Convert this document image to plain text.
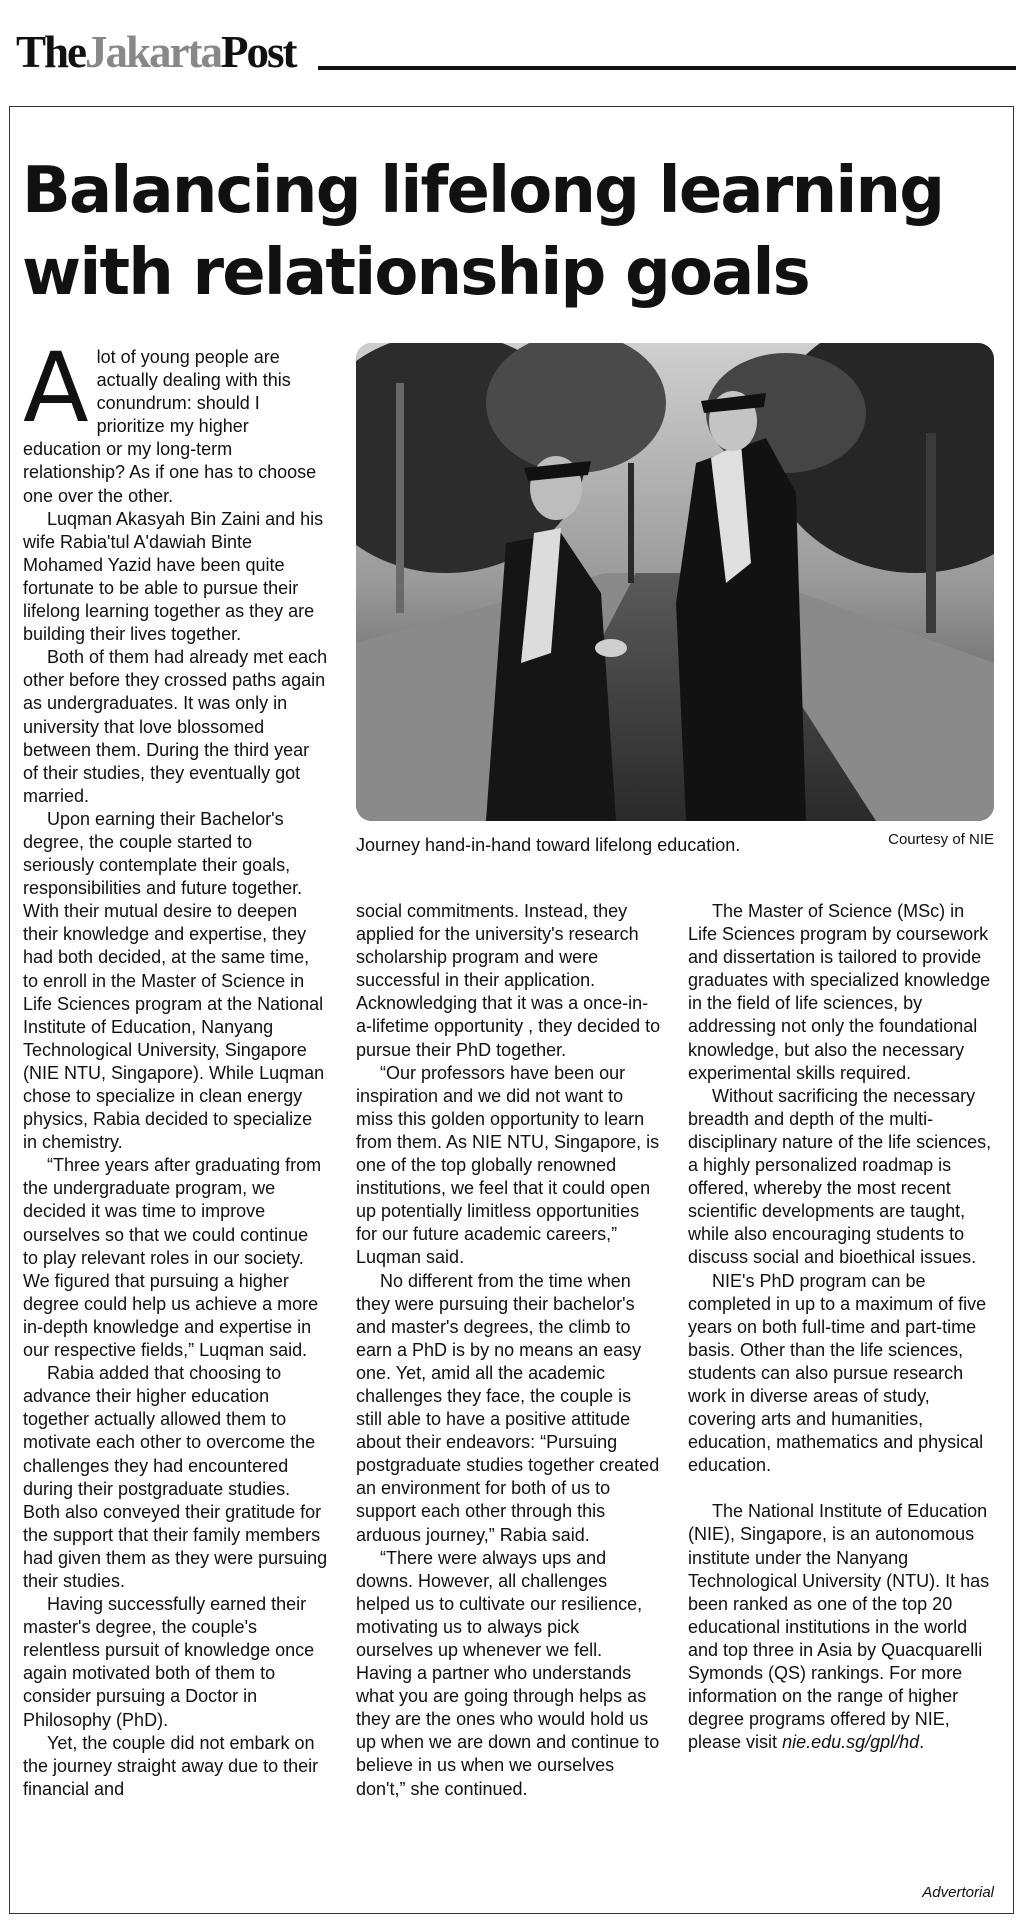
TheJakartaPost
Balancing lifelong learning
with relationship goals

Alot of young people are actually dealing with this conundrum: should I prioritize my higher education or my long-term relationship? As if one has to choose one over the other.

Luqman Akasyah Bin Zaini and his wife Rabia'tul A'dawiah Binte Mohamed Yazid have been quite fortunate to be able to pursue their lifelong learning together as they are building their lives together.

Both of them had already met each other before they crossed paths again as undergraduates. It was only in university that love blossomed between them. During the third year of their studies, they eventually got married.

Upon earning their Bachelor's degree, the couple started to seriously contemplate their goals, responsibilities and future together. With their mutual desire to deepen their knowledge and expertise, they had both decided, at the same time, to enroll in the Master of Science in Life Sciences program at the National Institute of Education, Nanyang Technological University, Singapore (NIE NTU, Singapore). While Luqman chose to specialize in clean energy physics, Rabia decided to specialize in chemistry.

“Three years after graduating from the undergraduate program, we decided it was time to improve ourselves so that we could continue to play relevant roles in our society. We figured that pursuing a higher degree could help us achieve a more in-depth knowledge and expertise in our respective fields,” Luqman said.

Rabia added that choosing to advance their higher education together actually allowed them to motivate each other to overcome the challenges they had encountered during their postgraduate studies. Both also conveyed their gratitude for the support that their family members had given them as they were pursuing their studies.

Having successfully earned their master's degree, the couple's relentless pursuit of knowledge once again motivated both of them to consider pursuing a Doctor in Philosophy (PhD).

Yet, the couple did not embark on the journey straight away due to their financial and

Journey hand-in-hand toward lifelong education.	Courtesy of NIE

social commitments. Instead, they applied for the university's research scholarship program and were successful in their application. Acknowledging that it was a once-in-a-lifetime opportunity , they decided to pursue their PhD together.

“Our professors have been our inspiration and we did not want to miss this golden opportunity to learn from them. As NIE NTU, Singapore, is one of the top globally renowned institutions, we feel that it could open up potentially limitless opportunities for our future academic careers,” Luqman said.

No different from the time when they were pursuing their bachelor's and master's degrees, the climb to earn a PhD is by no means an easy one. Yet, amid all the academic challenges they face, the couple is still able to have a positive attitude about their endeavors: “Pursuing postgraduate studies together created an environment for both of us to support each other through this arduous journey,” Rabia said.

“There were always ups and downs. However, all challenges helped us to cultivate our resilience, motivating us to always pick ourselves up whenever we fell. Having a partner who understands what you are going through helps as they are the ones who would hold us up when we are down and continue to believe in us when we ourselves don't,” she continued.

The Master of Science (MSc) in Life Sciences program by coursework and dissertation is tailored to provide graduates with specialized knowledge in the field of life sciences, by addressing not only the foundational knowledge, but also the necessary experimental skills required.

Without sacrificing the necessary breadth and depth of the multi-disciplinary nature of the life sciences, a highly personalized roadmap is offered, whereby the most recent scientific developments are taught, while also encouraging students to discuss social and bioethical issues.

NIE's PhD program can be completed in up to a maximum of five years on both full-time and part-time basis. Other than the life sciences, students can also pursue research work in diverse areas of study, covering arts and humanities, education, mathematics and physical education.

The National Institute of Education (NIE), Singapore, is an autonomous institute under the Nanyang Technological University (NTU). It has been ranked as one of the top 20 educational institutions in the world and top three in Asia by Quacquarelli Symonds (QS) rankings. For more information on the range of higher degree programs offered by NIE, please visit nie.edu.sg/gpl/hd.

Advertorial
